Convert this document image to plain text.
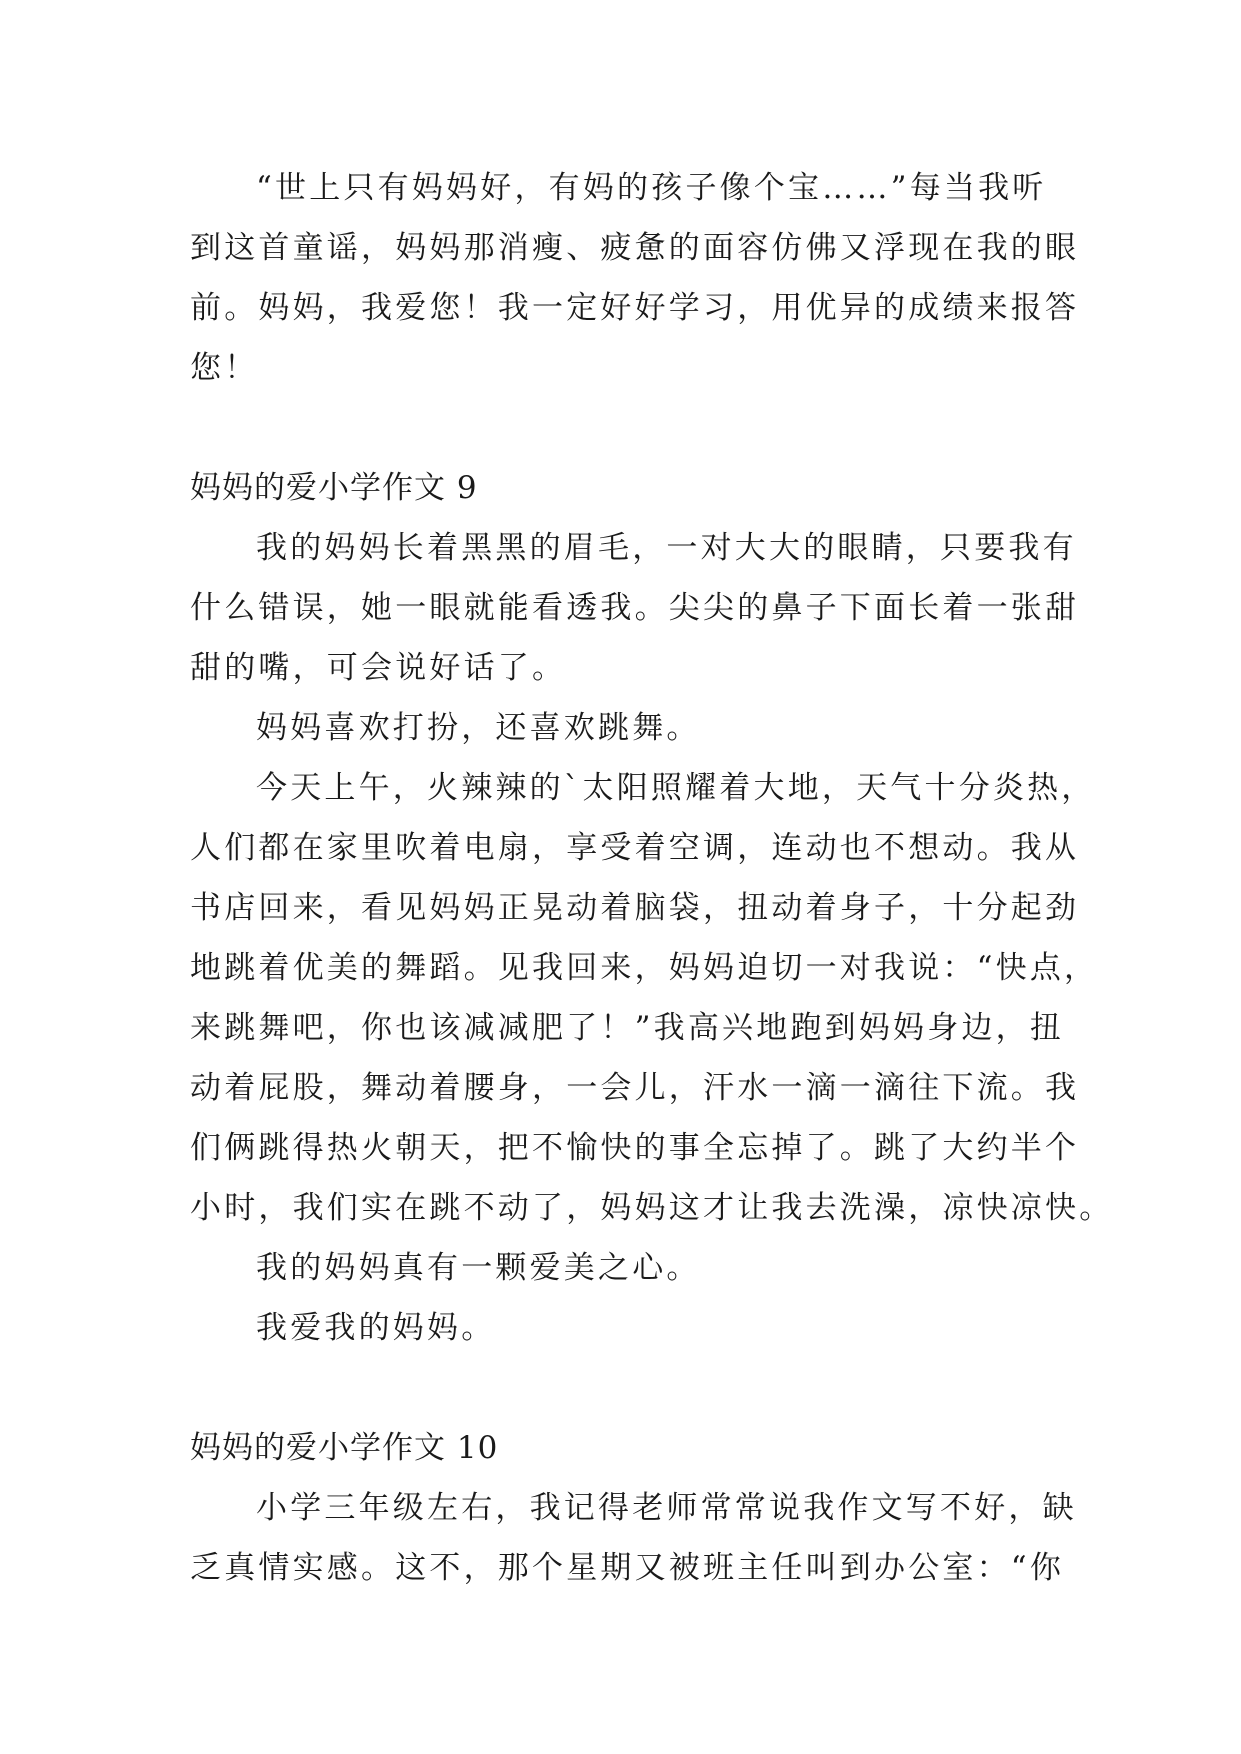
“世上只有妈妈好，有妈的孩子像个宝……”每当我听
到这首童谣，妈妈那消瘦、疲惫的面容仿佛又浮现在我的眼
前。妈妈，我爱您！我一定好好学习，用优异的成绩来报答
您！
妈妈的爱小学作文 9
我的妈妈长着黑黑的眉毛，一对大大的眼睛，只要我有
什么错误，她一眼就能看透我。尖尖的鼻子下面长着一张甜
甜的嘴，可会说好话了。
妈妈喜欢打扮，还喜欢跳舞。
今天上午，火辣辣的`太阳照耀着大地，天气十分炎热，
人们都在家里吹着电扇，享受着空调，连动也不想动。我从
书店回来，看见妈妈正晃动着脑袋，扭动着身子，十分起劲
地跳着优美的舞蹈。见我回来，妈妈迫切一对我说：“快点，
来跳舞吧，你也该减减肥了！”我高兴地跑到妈妈身边，扭
动着屁股，舞动着腰身，一会儿，汗水一滴一滴往下流。我
们俩跳得热火朝天，把不愉快的事全忘掉了。跳了大约半个
小时，我们实在跳不动了，妈妈这才让我去洗澡，凉快凉快。
我的妈妈真有一颗爱美之心。
我爱我的妈妈。
妈妈的爱小学作文 10
小学三年级左右，我记得老师常常说我作文写不好，缺
乏真情实感。这不，那个星期又被班主任叫到办公室：“你
